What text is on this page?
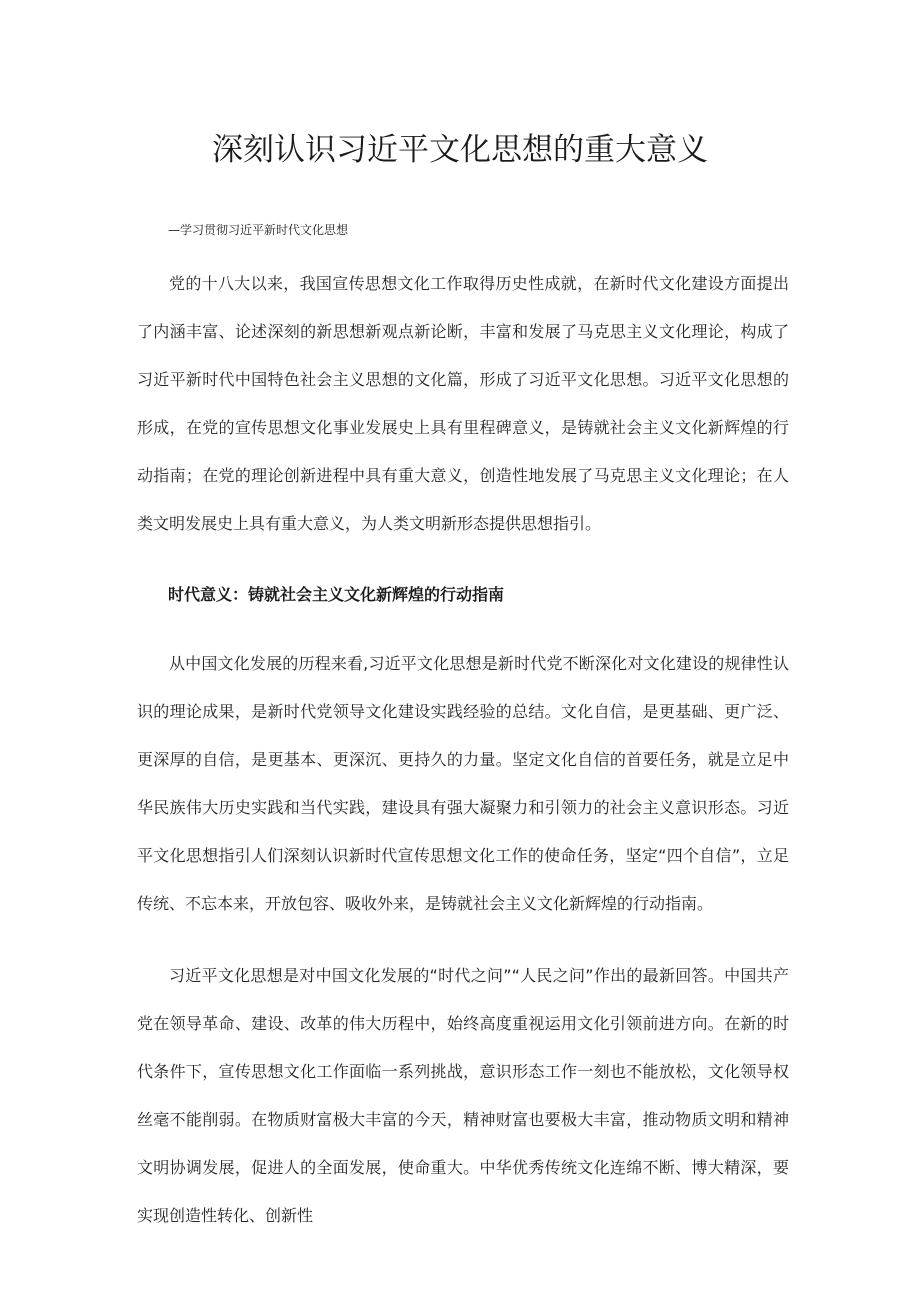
深刻认识习近平文化思想的重大意义
—学习贯彻习近平新时代文化思想

党的十八大以来，我国宣传思想文化工作取得历史性成就，在新时代文化建设方面提出了内涵丰富、论述深刻的新思想新观点新论断，丰富和发展了马克思主义文化理论，构成了习近平新时代中国特色社会主义思想的文化篇，形成了习近平文化思想。习近平文化思想的形成，在党的宣传思想文化事业发展史上具有里程碑意义，是铸就社会主义文化新辉煌的行动指南；在党的理论创新进程中具有重大意义，创造性地发展了马克思主义文化理论；在人类文明发展史上具有重大意义，为人类文明新形态提供思想指引。

时代意义：铸就社会主义文化新辉煌的行动指南

从中国文化发展的历程来看,习近平文化思想是新时代党不断深化对文化建设的规律性认识的理论成果，是新时代党领导文化建设实践经验的总结。文化自信，是更基础、更广泛、更深厚的自信，是更基本、更深沉、更持久的力量。坚定文化自信的首要任务，就是立足中华民族伟大历史实践和当代实践，建设具有强大凝聚力和引领力的社会主义意识形态。习近平文化思想指引人们深刻认识新时代宣传思想文化工作的使命任务，坚定“四个自信”，立足传统、不忘本来，开放包容、吸收外来，是铸就社会主义文化新辉煌的行动指南。

习近平文化思想是对中国文化发展的“时代之问”“人民之问”作出的最新回答。中国共产党在领导革命、建设、改革的伟大历程中，始终高度重视运用文化引领前进方向。在新的时代条件下，宣传思想文化工作面临一系列挑战，意识形态工作一刻也不能放松，文化领导权丝毫不能削弱。在物质财富极大丰富的今天，精神财富也要极大丰富，推动物质文明和精神文明协调发展，促进人的全面发展，使命重大。中华优秀传统文化连绵不断、博大精深，要实现创造性转化、创新性
